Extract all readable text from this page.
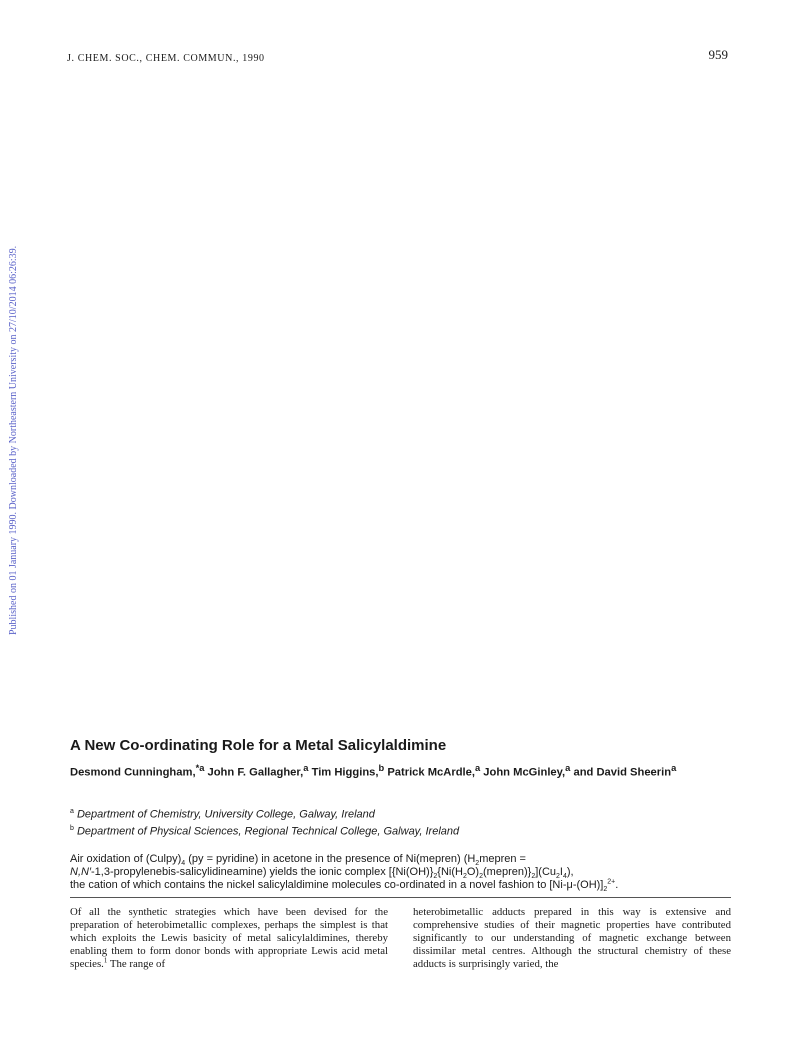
J. CHEM. SOC., CHEM. COMMUN., 1990	959
Published on 01 January 1990. Downloaded by Northeastern University on 27/10/2014 06:26:39.
A New Co-ordinating Role for a Metal Salicylaldimine

Desmond Cunningham,$^{*a}$ John F. Gallagher,$^a$ Tim Higgins,$^b$ Patrick McArdle,$^a$ John McGinley,$^a$ and David Sheerin$^a$

$^a$ Department of Chemistry, University College, Galway, Ireland
$^b$ Department of Physical Sciences, Regional Technical College, Galway, Ireland
Air oxidation of $(Culpy)_4$ (py = pyridine) in acetone in the presence of Ni(mepren) ($H_2mepren$ =
N,N′-1,3-propylenebis-salicylidineamine) yields the ionic complex $[\{Ni(OH)\}_2\{Ni(H_2O)_2(mepren)\}_2](Cu_2I_4)$,
the cation of which contains the nickel salicylaldimine molecules co-ordinated in a novel fashion to $[Ni-\mu-(OH)]_2^{2+}$.
Of all the synthetic strategies which have been devised for the preparation of heterobimetallic complexes, perhaps the simplest is that which exploits the Lewis basicity of metal salicylaldimines, thereby enabling them to form donor bonds with appropriate Lewis acid metal species.$^1$ The range of
heterobimetallic adducts prepared in this way is extensive and comprehensive studies of their magnetic properties have contributed significantly to our understanding of magnetic exchange between dissimilar metal centres. Although the structural chemistry of these adducts is surprisingly varied, the
